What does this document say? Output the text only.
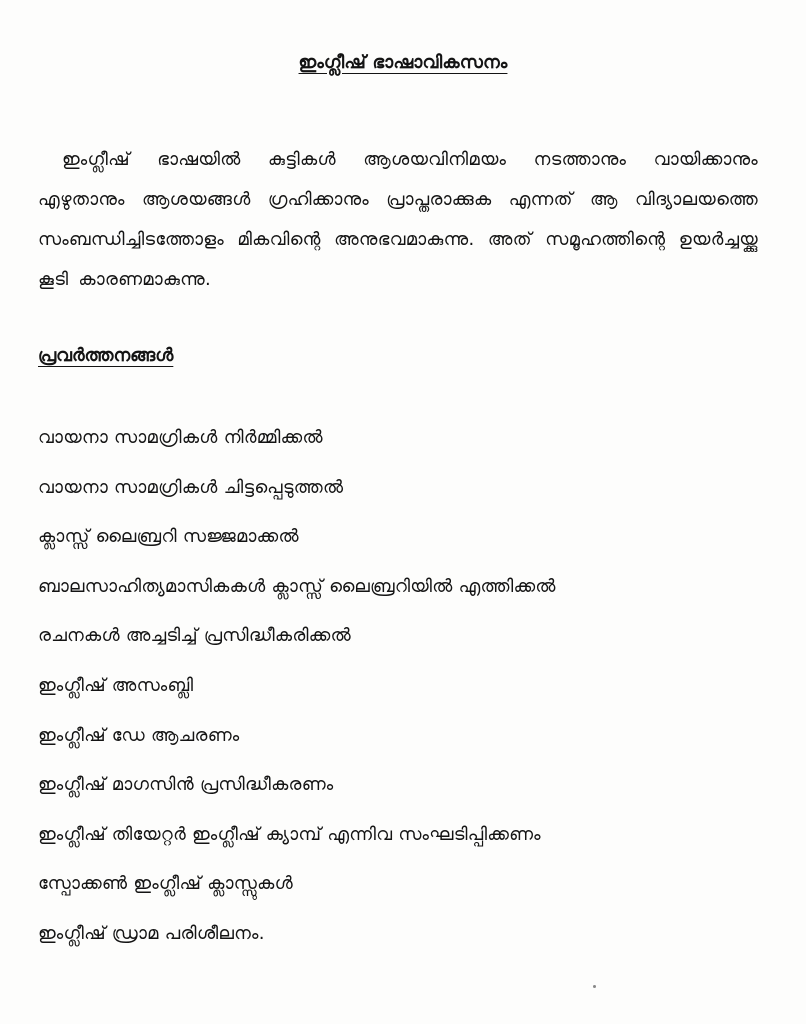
ഇംഗ്ലീഷ് ഭാഷാവികസനം

ഇംഗ്ലീഷ് ഭാഷയിൽ കുട്ടികൾ ആശയവിനിമയം നടത്താനും വായിക്കാനും എഴുതാനും ആശയങ്ങൾ ഗ്രഹിക്കാനും പ്രാപ്തരാക്കുക എന്നത് ആ വിദ്യാലയത്തെ സംബന്ധിച്ചിടത്തോളം മികവിന്റെ അനുഭവമാകുന്നു. അത് സമൂഹത്തിന്റെ ഉയർച്ചയ്ക്കു കൂടി കാരണമാകുന്നു.

പ്രവർത്തനങ്ങൾ
വായനാ സാമഗ്രികൾ നിർമ്മിക്കൽ
വായനാ സാമഗ്രികൾ ചിട്ടപ്പെടുത്തൽ
ക്ലാസ്സ് ലൈബ്രറി സജ്ജമാക്കൽ
ബാലസാഹിത്യമാസികകൾ ക്ലാസ്സ് ലൈബ്രറിയിൽ എത്തിക്കൽ
രചനകൾ അച്ചടിച്ച് പ്രസിദ്ധീകരിക്കൽ
ഇംഗ്ലീഷ് അസംബ്ലി
ഇംഗ്ലീഷ് ഡേ ആചരണം
ഇംഗ്ലീഷ് മാഗസിൻ പ്രസിദ്ധീകരണം
ഇംഗ്ലീഷ് തിയേറ്റർ ഇംഗ്ലീഷ് ക്യാമ്പ് എന്നിവ സംഘടിപ്പിക്കണം
സ്പോക്കൺ ഇംഗ്ലീഷ് ക്ലാസ്സുകൾ
ഇംഗ്ലീഷ് ഡ്രാമ പരിശീലനം.
